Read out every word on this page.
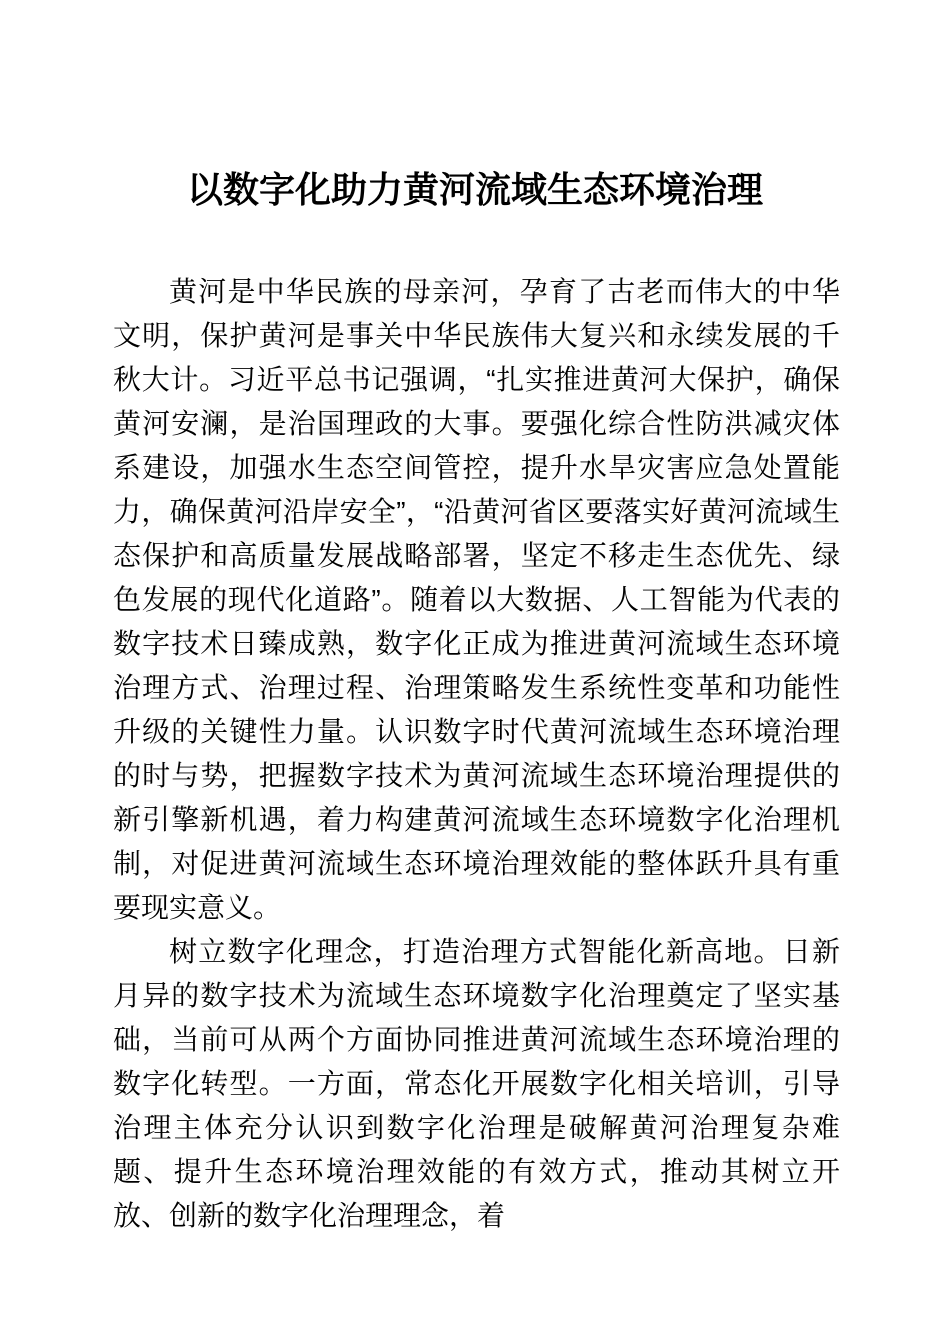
以数字化助力黄河流域生态环境治理

黄河是中华民族的母亲河，孕育了古老而伟大的中华文明，保护黄河是事关中华民族伟大复兴和永续发展的千秋大计。习近平总书记强调，“扎实推进黄河大保护，确保黄河安澜，是治国理政的大事。要强化综合性防洪减灾体系建设，加强水生态空间管控，提升水旱灾害应急处置能力，确保黄河沿岸安全”，“沿黄河省区要落实好黄河流域生态保护和高质量发展战略部署，坚定不移走生态优先、绿色发展的现代化道路”。随着以大数据、人工智能为代表的数字技术日臻成熟，数字化正成为推进黄河流域生态环境治理方式、治理过程、治理策略发生系统性变革和功能性升级的关键性力量。认识数字时代黄河流域生态环境治理的时与势，把握数字技术为黄河流域生态环境治理提供的新引擎新机遇，着力构建黄河流域生态环境数字化治理机制，对促进黄河流域生态环境治理效能的整体跃升具有重要现实意义。

树立数字化理念，打造治理方式智能化新高地。日新月异的数字技术为流域生态环境数字化治理奠定了坚实基础，当前可从两个方面协同推进黄河流域生态环境治理的数字化转型。一方面，常态化开展数字化相关培训，引导治理主体充分认识到数字化治理是破解黄河治理复杂难题、提升生态环境治理效能的有效方式，推动其树立开放、创新的数字化治理理念，着
